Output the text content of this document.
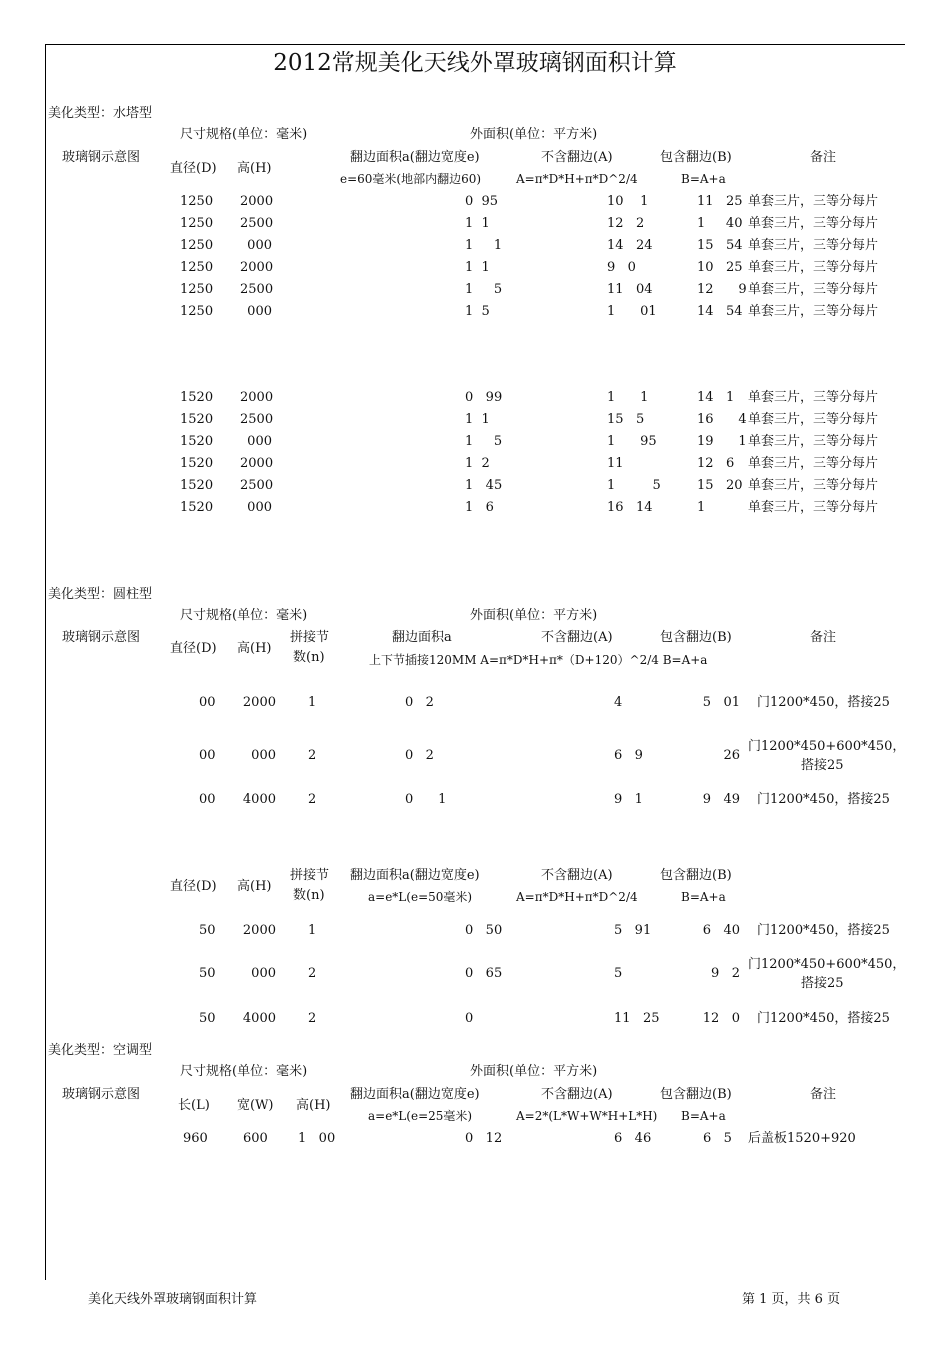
2012常规美化天线外罩玻璃钢面积计算
美化类型：水塔型
尺寸规格(单位：毫米)	外面积(单位：平方米)
玻璃钢示意图	翻边面积a(翻边宽度e)	不含翻边(A)	包含翻边(B)	备注
直径(D) 高(H)
e=60毫米(地部内翻边60)	A=π*D*H+π*D^2/4	B=A+a
1250 2000	0  95	10    1	11   25 单套三片，三等分每片
1250 2500	1  1	12   2	1     40 单套三片，三等分每片
1250	000	1     1	14   24	15   54 单套三片，三等分每片
1250 2000	1  1	9   0	10   25 单套三片，三等分每片
1250 2500	1     5	11   04	12      9 单套三片，三等分每片
1250	000	1  5	1      01	14   54 单套三片，三等分每片
1520 2000	0   99	1      1	14   1 单套三片，三等分每片
1520 2500	1  1	15   5	16      4 单套三片，三等分每片
1520	000	1     5	1      95	19      1 单套三片，三等分每片
1520 2000	1  2	11	12   6 单套三片，三等分每片
1520 2500	1   45	1         5	15   20 单套三片，三等分每片
1520	000	1   6	16   14	1	单套三片，三等分每片
美化类型：圆柱型
尺寸规格(单位：毫米)	外面积(单位：平方米)
玻璃钢示意图	拼接节
数(n)
翻边面积a	不含翻边(A)	包含翻边(B)	备注
直径(D) 高(H)
上下节插接120MM A=π*D*H+π*（D+120）^2/4 B=A+a
00 2000 1	0   2	4	5   01 门1200*450，搭接25
00	000 2	0   2	6   9	26
门1200*450+600*450，
搭接25
00 4000 2	0      1	9   1	9   49 门1200*450，搭接25
拼接节
数(n)
翻边面积a(翻边宽度e)	不含翻边(A)	包含翻边(B)
直径(D) 高(H)
a=e*L(e=50毫米)	A=π*D*H+π*D^2/4	B=A+a
50 2000 1	0   50	5   91	6   40 门1200*450，搭接25
50	000 2	0   65	5	9   2
门1200*450+600*450，
搭接25
50 4000 2	0	11   25	12   0 门1200*450，搭接25
美化类型：空调型
尺寸规格(单位：毫米)	外面积(单位：平方米)
玻璃钢示意图	翻边面积a(翻边宽度e)	不含翻边(A)	包含翻边(B)	备注
长(L) 宽(W) 高(H)
a=e*L(e=25毫米)	A=2*(L*W+W*H+L*H) B=A+a
960	600 1   00	0   12	6   46	6   5 后盖板1520+920
美化天线外罩玻璃钢面积计算	第 1 页，共 6 页
